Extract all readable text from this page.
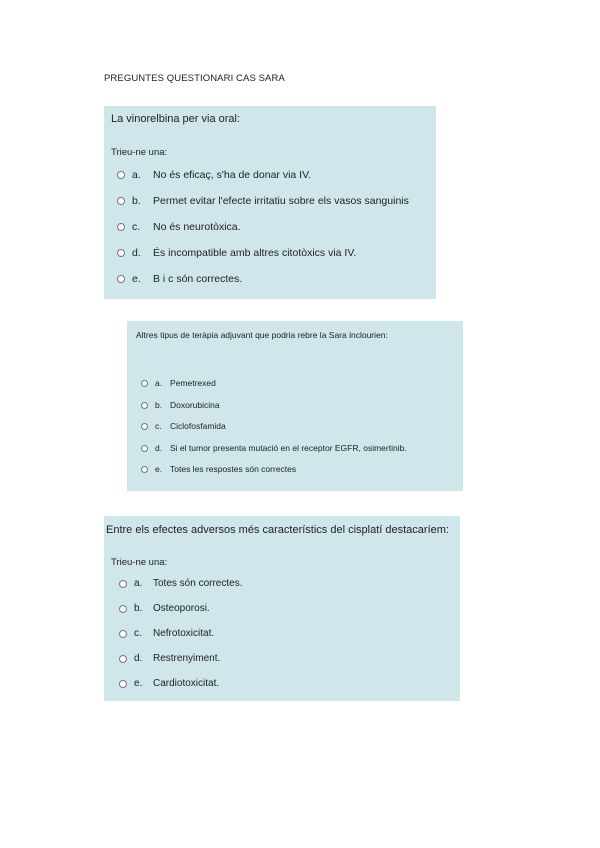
PREGUNTES QUESTIONARI CAS SARA
La vinorelbina per via oral:
Trieu-ne una:
a.	No és eficaç, s'ha de donar via IV.
b.	Permet evitar l'efecte irritatiu sobre els vasos sanguinis
c.	No és neurotòxica.
d.	És incompatible amb altres citotòxics via IV.
e.	B i c són correctes.
Altres tipus de teràpia adjuvant que podria rebre la Sara inclourien:
a. Pemetrexed
b. Doxorubicina
c. Ciclofosfamida
d. Si el tumor presenta mutació en el receptor EGFR, osimertinib.
e. Totes les respostes són correctes
Entre els efectes adversos més característics del cisplatí destacaríem:
Trieu-ne una:
a.	Totes són correctes.
b.	Osteoporosi.
c.	Nefrotoxicitat.
d.	Restrenyiment.
e.	Cardiotoxicitat.
